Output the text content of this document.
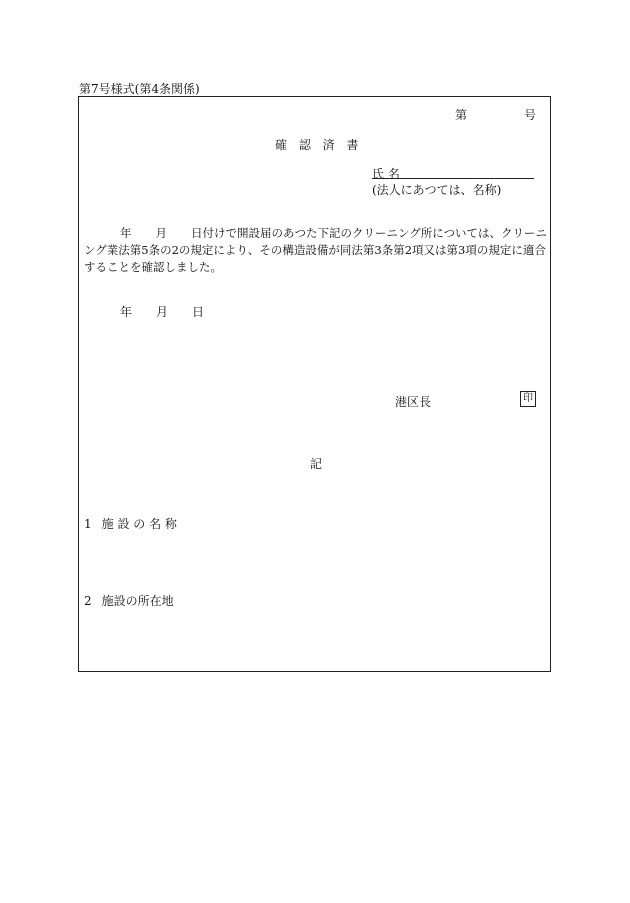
第7号様式(第4条関係)
第	号
確 認 済 書
氏 名
(法人にあつては、名称)
年 月 日付けで開設届のあつた下記のクリーニング所については、クリーニング業法第5条の2の規定により、その構造設備が同法第3条第2項又は第3項の規定に適合することを確認しました。
年 月 日
港区長	印
記
1 施 設 の 名 称
2 施設の所在地
